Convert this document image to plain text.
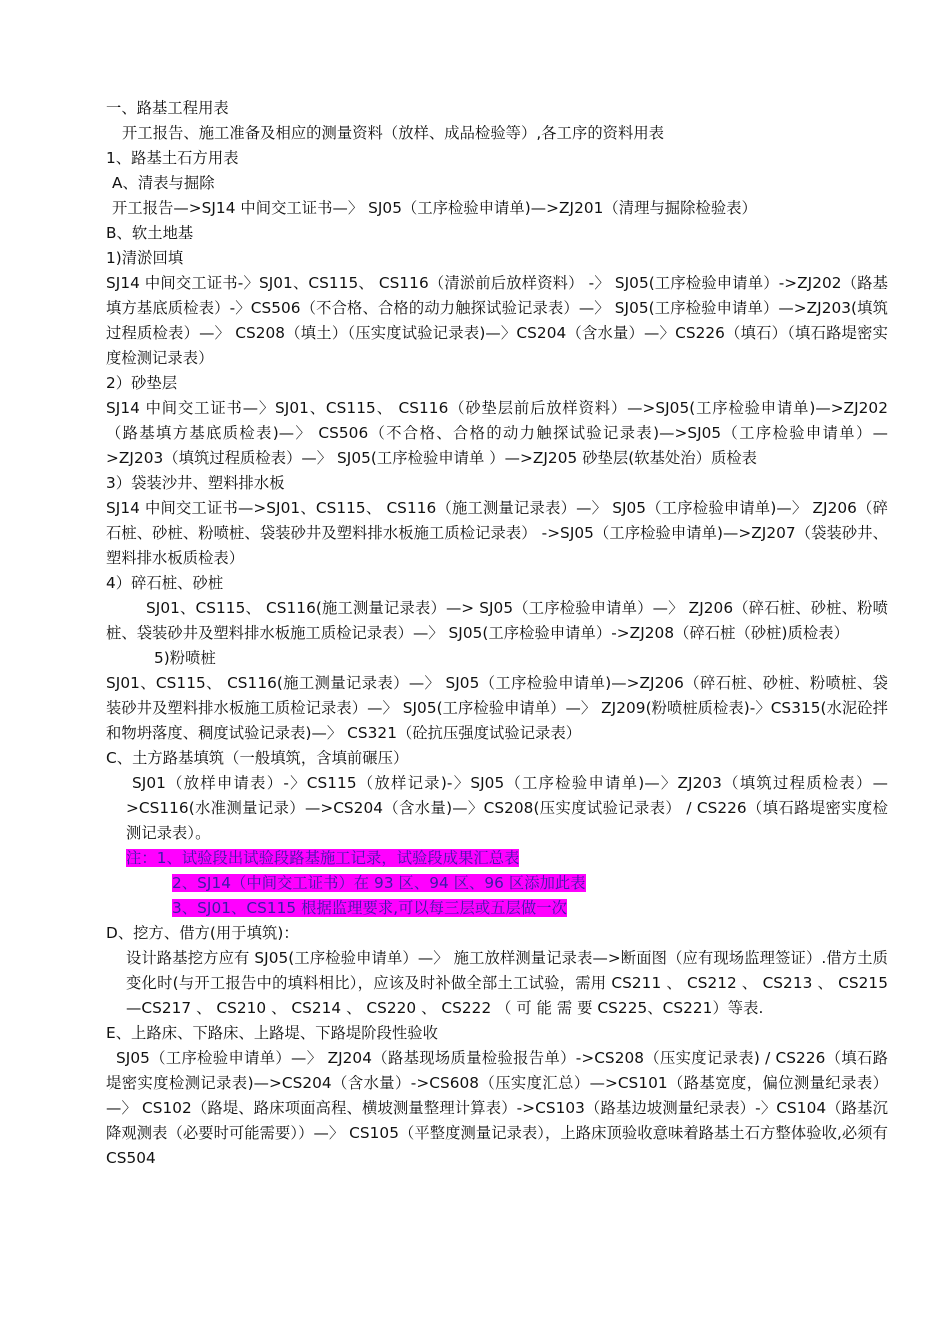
一、路基工程用表

开工报告、施工准备及相应的测量资料（放样、成品检验等）,各工序的资料用表

1、路基土石方用表

A、清表与掘除

开工报告—>SJ14 中间交工证书—〉 SJ05（工序检验申请单)—>ZJ201（清理与掘除检验表）

B、软土地基

1)清淤回填

SJ14 中间交工证书-〉SJ01、CS115、 CS116（清淤前后放样资料） -〉 SJ05(工序检验申请单）->ZJ202（路基填方基底质检表）-〉CS506（不合格、合格的动力触探试验记录表）—〉 SJ05(工序检验申请单）—>ZJ203(填筑过程质检表）—〉 CS208（填土）（压实度试验记录表)—〉CS204（含水量）—〉CS226（填石）（填石路堤密实度检测记录表）

2）砂垫层

SJ14 中间交工证书—〉SJ01、CS115、 CS116（砂垫层前后放样资料）—>SJ05(工序检验申请单)—>ZJ202（路基填方基底质检表)—〉 CS506（不合格、合格的动力触探试验记录表)—>SJ05（工序检验申请单）—>ZJ203（填筑过程质检表）—〉 SJ05(工序检验申请单 ）—>ZJ205 砂垫层(软基处治）质检表

3）袋装沙井、塑料排水板

SJ14 中间交工证书—>SJ01、CS115、 CS116（施工测量记录表）—〉 SJ05（工序检验申请单)—〉 ZJ206（碎石桩、砂桩、粉喷桩、袋装砂井及塑料排水板施工质检记录表） ->SJ05（工序检验申请单)—>ZJ207（袋装砂井、塑料排水板质检表）

4）碎石桩、砂桩

SJ01、CS115、 CS116(施工测量记录表）—> SJ05（工序检验申请单）—〉 ZJ206（碎石桩、砂桩、粉喷桩、袋装砂井及塑料排水板施工质检记录表）—〉 SJ05(工序检验申请单）->ZJ208（碎石桩（砂桩)质检表）

5)粉喷桩

SJ01、CS115、 CS116(施工测量记录表）—〉 SJ05（工序检验申请单)—>ZJ206（碎石桩、砂桩、粉喷桩、袋装砂井及塑料排水板施工质检记录表）—〉 SJ05(工序检验申请单）—〉 ZJ209(粉喷桩质检表)-〉CS315(水泥砼拌和物坍落度、稠度试验记录表)—〉 CS321（砼抗压强度试验记录表）

C、土方路基填筑（一般填筑，含填前碾压）

SJ01（放样申请表）-〉CS115（放样记录)-〉SJ05（工序检验申请单)—〉ZJ203（填筑过程质检表）—>CS116(水准测量记录）—>CS204（含水量)—〉CS208(压实度试验记录表） / CS226（填石路堤密实度检测记录表）。

注：1、试验段出试验段路基施工记录，试验段成果汇总表

2、SJ14（中间交工证书）在 93 区、94 区、96 区添加此表

3、SJ01、CS115 根据监理要求,可以每三层或五层做一次

D、挖方、借方(用于填筑)：

设计路基挖方应有 SJ05(工序检验申请单）—〉 施工放样测量记录表—>断面图（应有现场监理签证）.借方土质变化时(与开工报告中的填料相比），应该及时补做全部土工试验，需用 CS211 、 CS212 、 CS213 、 CS215—CS217 、 CS210 、 CS214 、 CS220 、 CS222 （ 可 能 需 要 CS225、CS221）等表.

E、上路床、下路床、上路堤、下路堤阶段性验收

SJ05（工序检验申请单）—〉 ZJ204（路基现场质量检验报告单）->CS208（压实度记录表) / CS226（填石路堤密实度检测记录表)—>CS204（含水量）->CS608（压实度汇总）—>CS101（路基宽度，偏位测量纪录表）—〉 CS102（路堤、路床项面高程、横坡测量整理计算表）->CS103（路基边坡测量纪录表）-〉CS104（路基沉降观测表（必要时可能需要））—〉 CS105（平整度测量记录表），上路床顶验收意味着路基土石方整体验收,必须有 CS504
